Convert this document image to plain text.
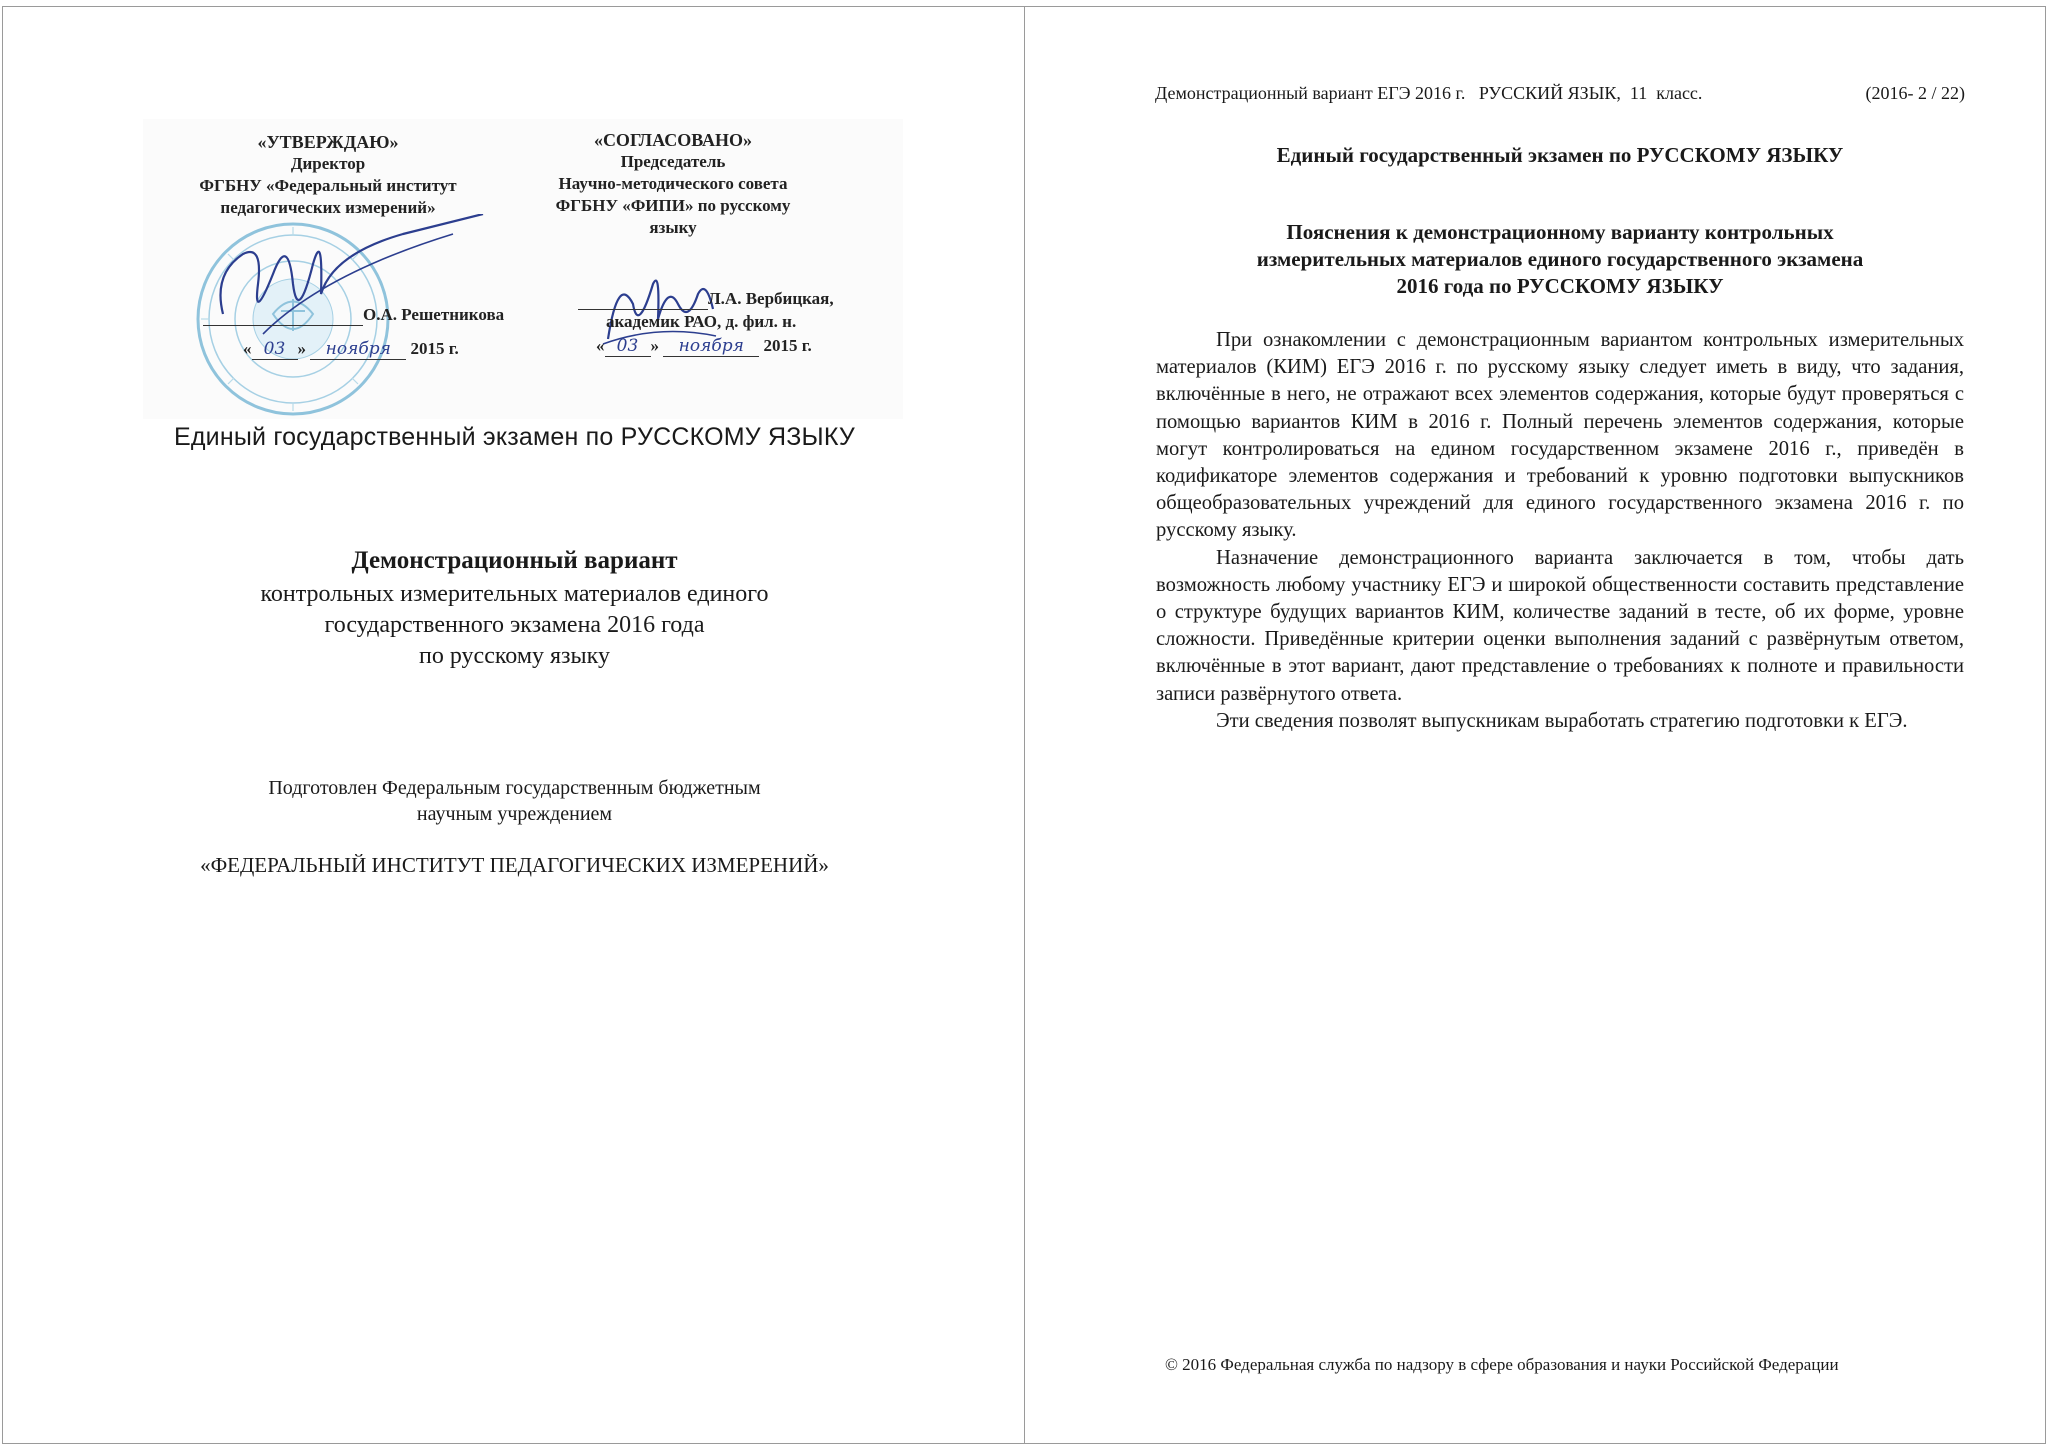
«УТВЕРЖДАЮ»
Директор
ФГБНУ «Федеральный институт
педагогических измерений»
О.А. Решетникова
« 03 » ноября 2015 г.
«СОГЛАСОВАНО»
Председатель
Научно-методического совета
ФГБНУ «ФИПИ» по русскому
языку
Л.А. Вербицкая,
академик РАО, д. фил. н.
« 03 » ноября 2015 г.
Единый государственный экзамен по РУССКОМУ ЯЗЫКУ
Демонстрационный вариант
контрольных измерительных материалов единого
государственного экзамена 2016 года
по русскому языку
Подготовлен Федеральным государственным бюджетным
научным учреждением
«ФЕДЕРАЛЬНЫЙ ИНСТИТУТ ПЕДАГОГИЧЕСКИХ ИЗМЕРЕНИЙ»
Демонстрационный вариант ЕГЭ 2016 г.   РУССКИЙ ЯЗЫК,  11  класс.	(2016- 2 / 22)
Единый государственный экзамен по РУССКОМУ ЯЗЫКУ
Пояснения к демонстрационному варианту контрольных
измерительных материалов единого государственного экзамена
2016 года по РУССКОМУ ЯЗЫКУ

При ознакомлении с демонстрационным вариантом контрольных измерительных материалов (КИМ) ЕГЭ 2016 г. по русскому языку следует иметь в виду, что задания, включённые в него, не отражают всех элементов содержания, которые будут проверяться с помощью вариантов КИМ в 2016 г. Полный перечень элементов содержания, которые могут контролироваться на едином государственном экзамене 2016 г., приведён в кодификаторе элементов содержания и требований к уровню подготовки выпускников общеобразовательных учреждений для единого государственного экзамена 2016 г. по русскому языку.

Назначение демонстрационного варианта заключается в том, чтобы дать возможность любому участнику ЕГЭ и широкой общественности составить представление о структуре будущих вариантов КИМ, количестве заданий в тесте, об их форме, уровне сложности. Приведённые критерии оценки выполнения заданий с развёрнутым ответом, включённые в этот вариант, дают представление о требованиях к полноте и правильности записи развёрнутого ответа.

Эти сведения позволят выпускникам выработать стратегию подготовки к ЕГЭ.

© 2016 Федеральная служба по надзору в сфере образования и науки Российской Федерации
